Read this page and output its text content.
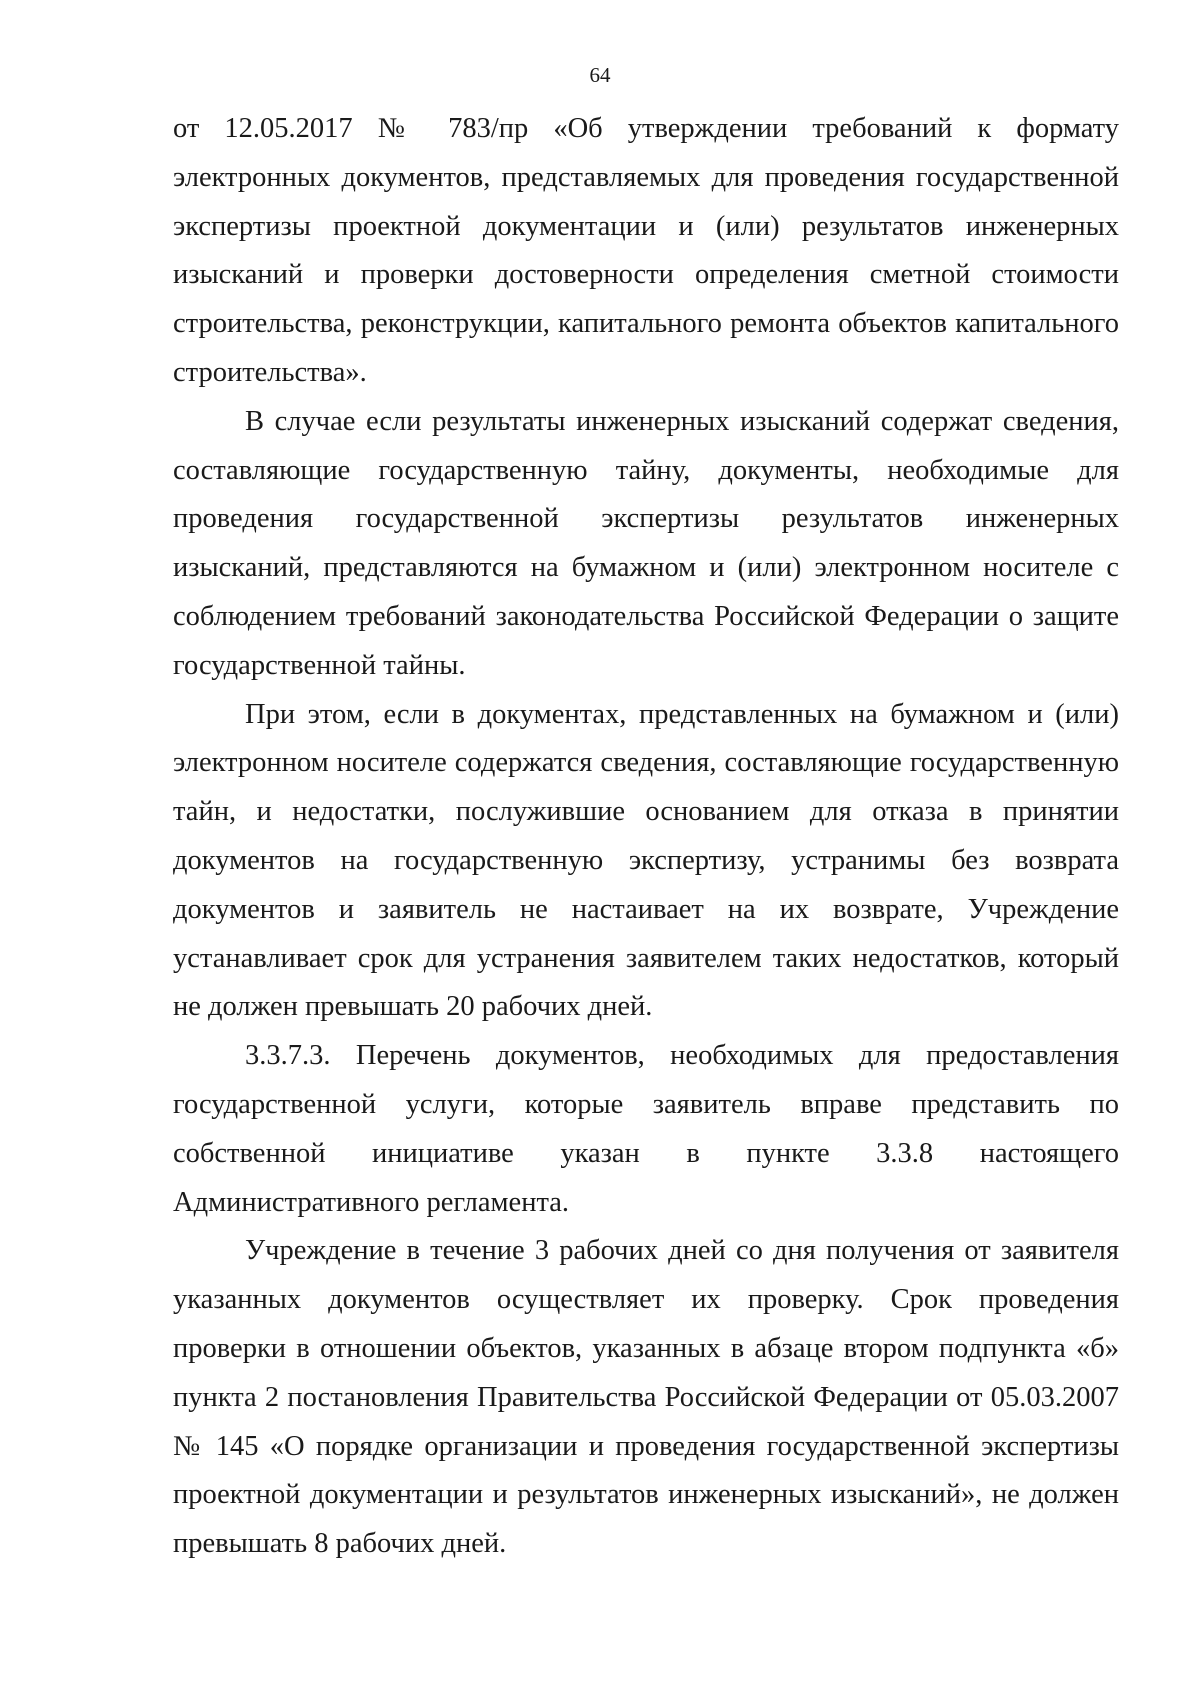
64

от 12.05.2017 № 783/пр «Об утверждении требований к формату электронных документов, представляемых для проведения государственной экспертизы проектной документации и (или) результатов инженерных изысканий и проверки достоверности определения сметной стоимости строительства, реконструкции, капитального ремонта объектов капитального строительства».

В случае если результаты инженерных изысканий содержат сведения, составляющие государственную тайну, документы, необходимые для проведения государственной экспертизы результатов инженерных изысканий, представляются на бумажном и (или) электронном носителе с соблюдением требований законодательства Российской Федерации о защите государственной тайны.

При этом, если в документах, представленных на бумажном и (или) электронном носителе содержатся сведения, составляющие государственную тайн, и недостатки, послужившие основанием для отказа в принятии документов на государственную экспертизу, устранимы без возврата документов и заявитель не настаивает на их возврате, Учреждение устанавливает срок для устранения заявителем таких недостатков, который не должен превышать 20 рабочих дней.

3.3.7.3. Перечень документов, необходимых для предоставления государственной услуги, которые заявитель вправе представить по собственной инициативе указан в пункте 3.3.8 настоящего Административного регламента.

Учреждение в течение 3 рабочих дней со дня получения от заявителя указанных документов осуществляет их проверку. Срок проведения проверки в отношении объектов, указанных в абзаце втором подпункта «б» пункта 2 постановления Правительства Российской Федерации от 05.03.2007 № 145 «О порядке организации и проведения государственной экспертизы проектной документации и результатов инженерных изысканий», не должен превышать 8 рабочих дней.
